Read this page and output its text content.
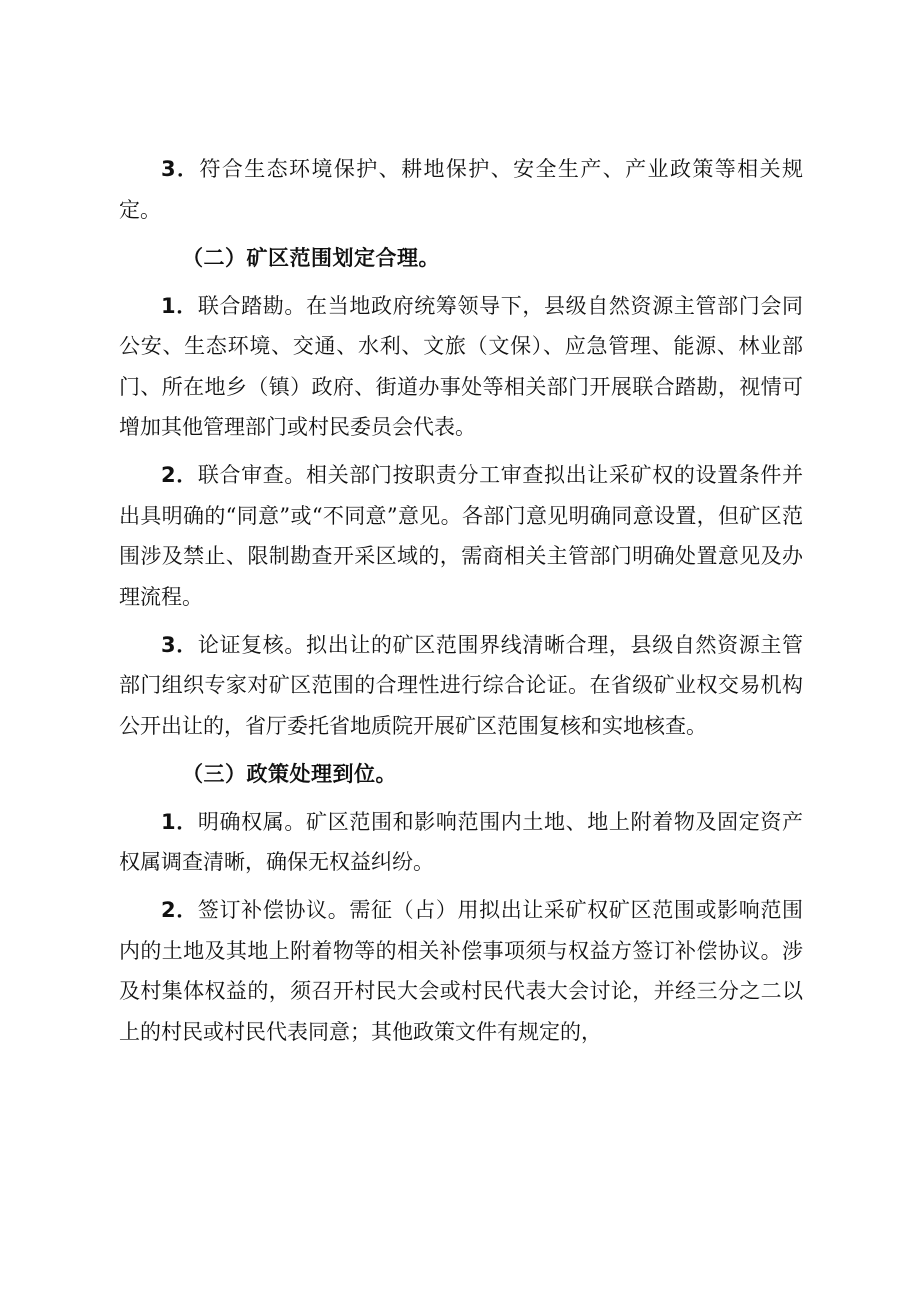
3．符合生态环境保护、耕地保护、安全生产、产业政策等相关规定。

（二）矿区范围划定合理。

1．联合踏勘。在当地政府统筹领导下，县级自然资源主管部门会同公安、生态环境、交通、水利、文旅（文保）、应急管理、能源、林业部门、所在地乡（镇）政府、街道办事处等相关部门开展联合踏勘，视情可增加其他管理部门或村民委员会代表。

2．联合审查。相关部门按职责分工审查拟出让采矿权的设置条件并出具明确的“同意”或“不同意”意见。各部门意见明确同意设置，但矿区范围涉及禁止、限制勘查开采区域的，需商相关主管部门明确处置意见及办理流程。

3．论证复核。拟出让的矿区范围界线清晰合理，县级自然资源主管部门组织专家对矿区范围的合理性进行综合论证。在省级矿业权交易机构公开出让的，省厅委托省地质院开展矿区范围复核和实地核查。

（三）政策处理到位。

1．明确权属。矿区范围和影响范围内土地、地上附着物及固定资产权属调查清晰，确保无权益纠纷。

2．签订补偿协议。需征（占）用拟出让采矿权矿区范围或影响范围内的土地及其地上附着物等的相关补偿事项须与权益方签订补偿协议。涉及村集体权益的，须召开村民大会或村民代表大会讨论，并经三分之二以上的村民或村民代表同意；其他政策文件有规定的，
